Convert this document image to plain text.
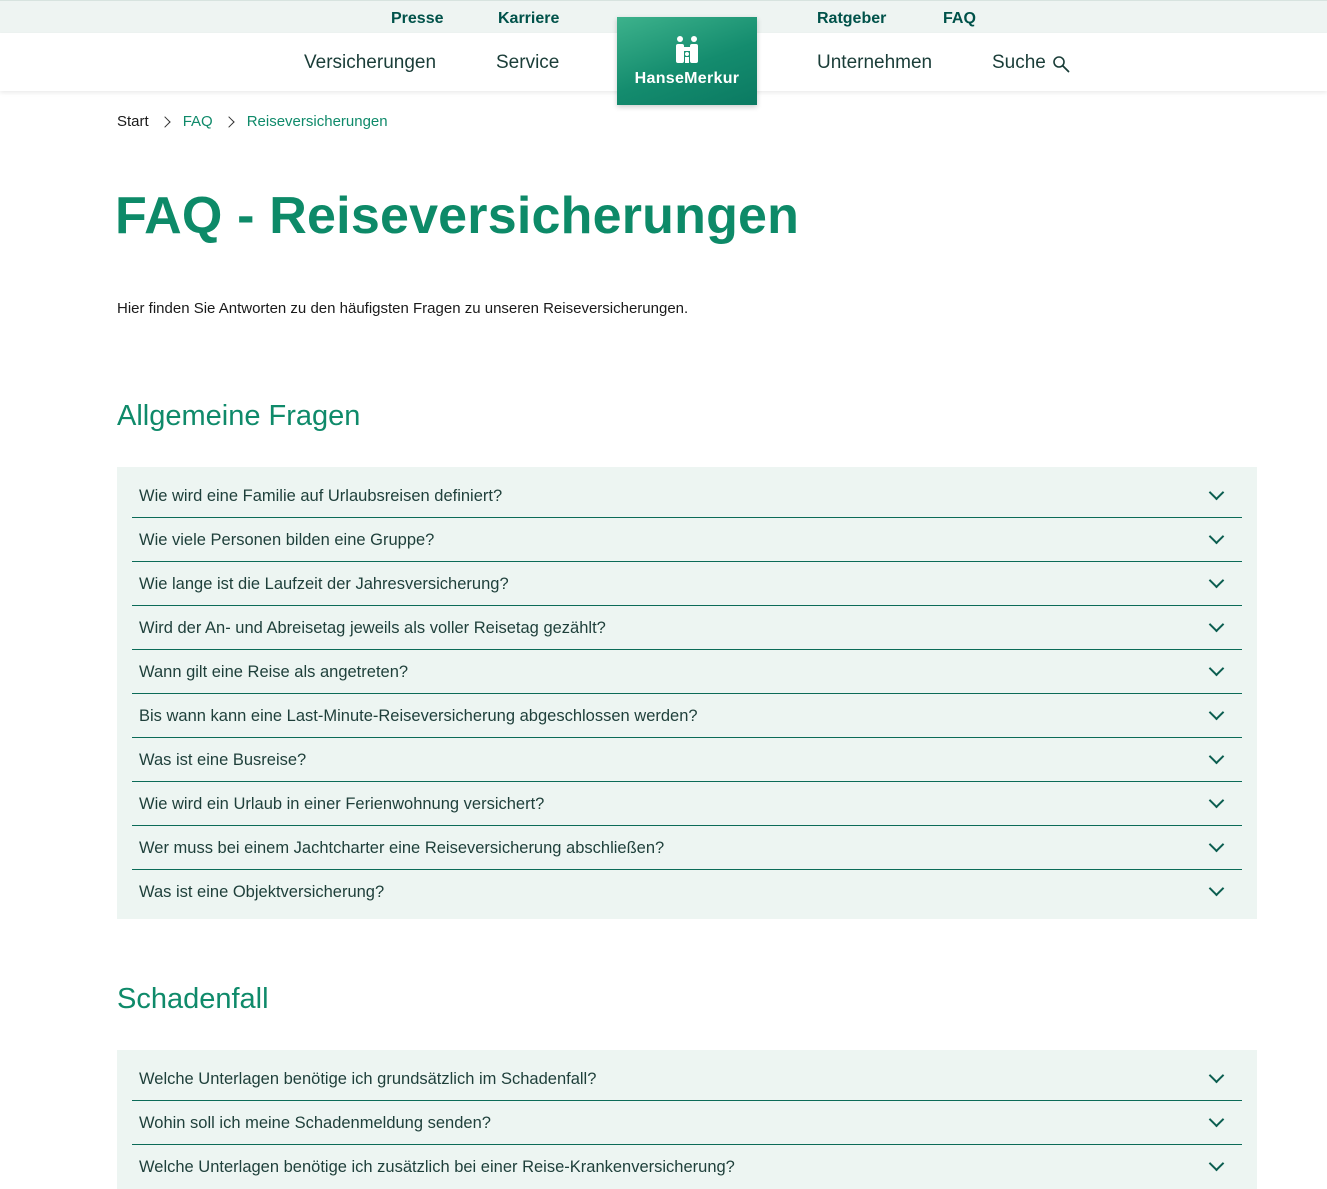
Presse	Karriere	Ratgeber	FAQ
Versicherungen	Service	Unternehmen	Suche
HanseMerkur
Start FAQ Reiseversicherungen
FAQ - Reiseversicherungen

Hier finden Sie Antworten zu den häufigsten Fragen zu unseren Reiseversicherungen.

Allgemeine Fragen
Wie wird eine Familie auf Urlaubsreisen definiert?
Wie viele Personen bilden eine Gruppe?
Wie lange ist die Laufzeit der Jahresversicherung?
Wird der An- und Abreisetag jeweils als voller Reisetag gezählt?
Wann gilt eine Reise als angetreten?
Bis wann kann eine Last-Minute-Reiseversicherung abgeschlossen werden?
Was ist eine Busreise?
Wie wird ein Urlaub in einer Ferienwohnung versichert?
Wer muss bei einem Jachtcharter eine Reiseversicherung abschließen?
Was ist eine Objektversicherung?
Schadenfall
Welche Unterlagen benötige ich grundsätzlich im Schadenfall?
Wohin soll ich meine Schadenmeldung senden?
Welche Unterlagen benötige ich zusätzlich bei einer Reise-Krankenversicherung?
